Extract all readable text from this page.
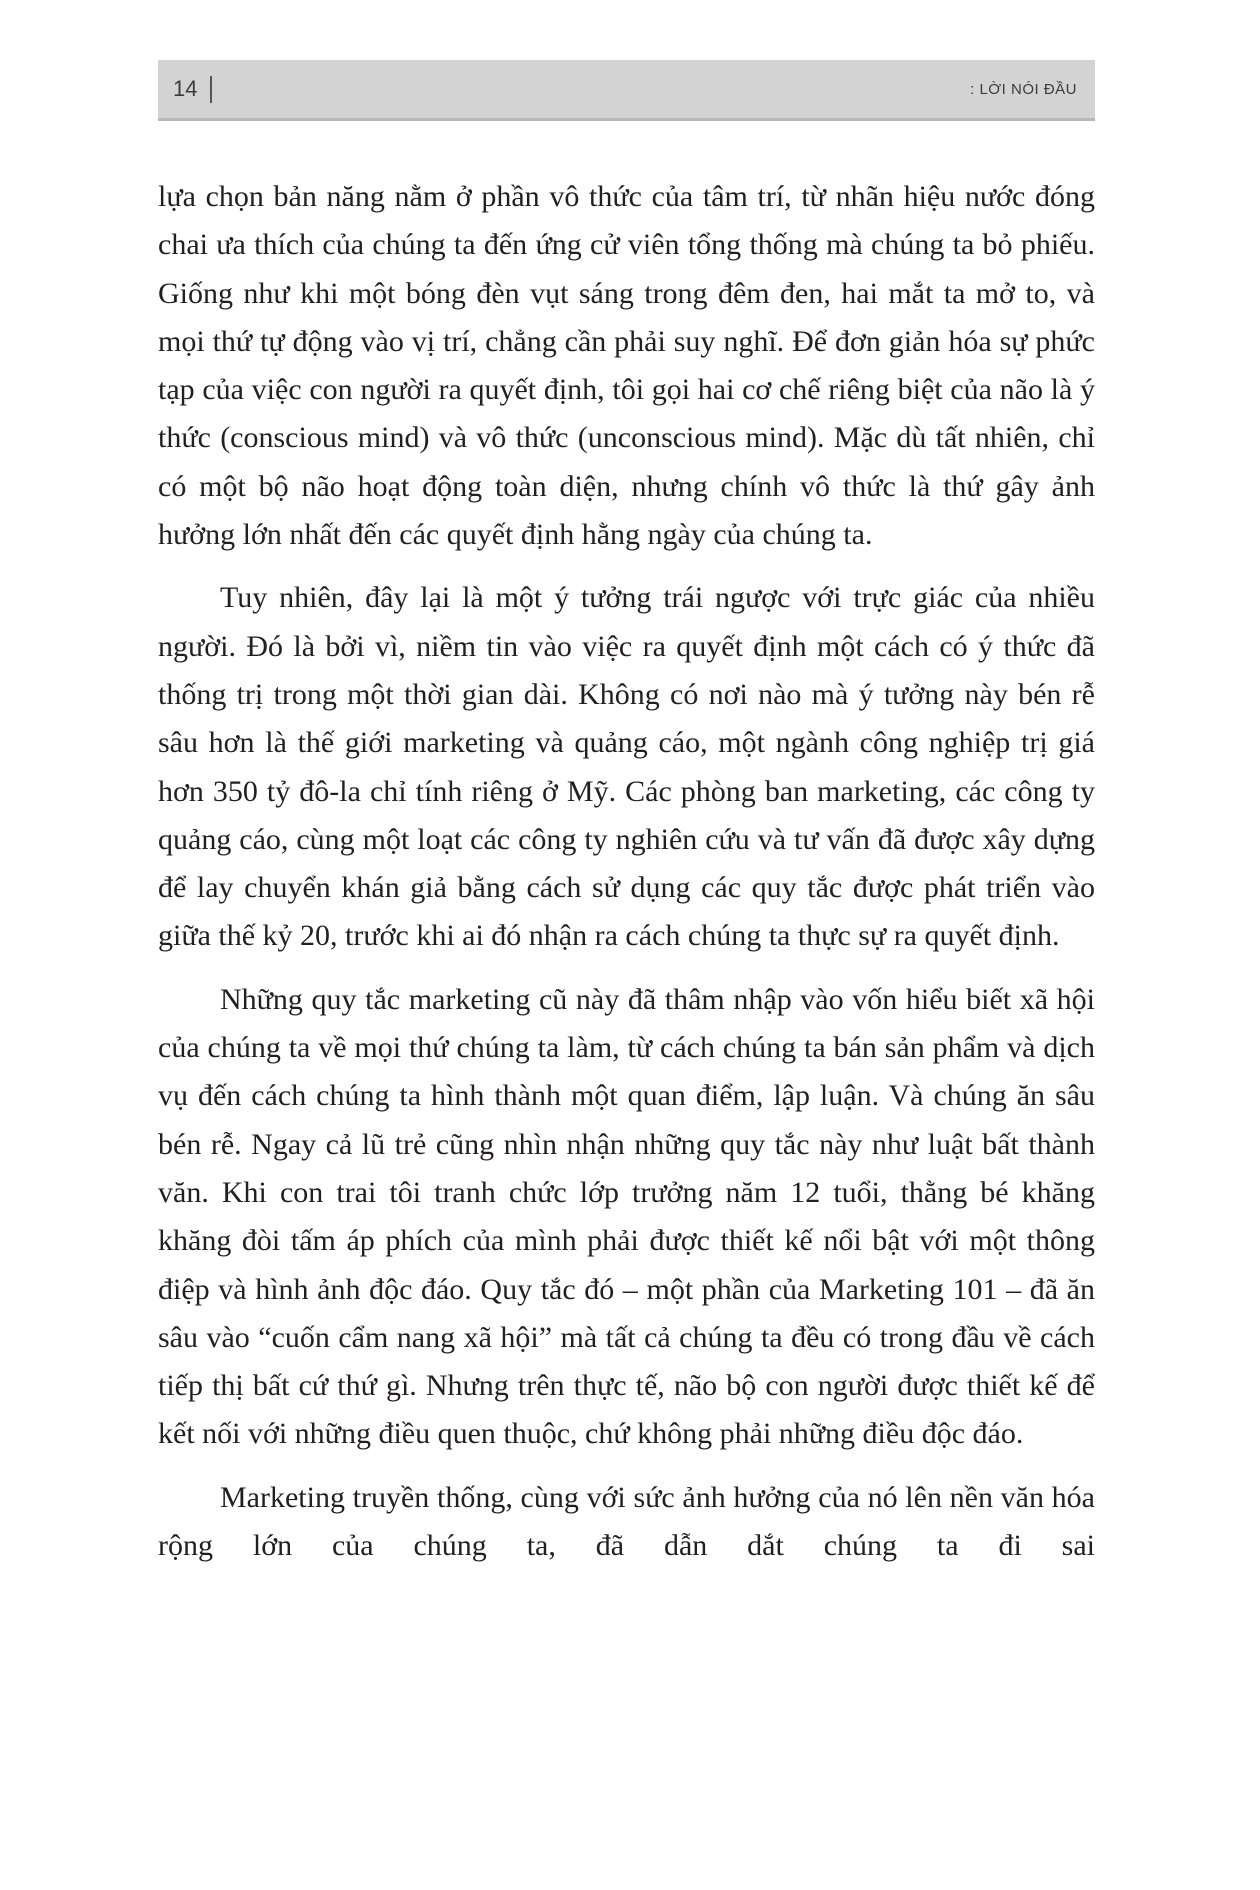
14	: LỜI NÓI ĐẦU

lựa chọn bản năng nằm ở phần vô thức của tâm trí, từ nhãn hiệu nước đóng chai ưa thích của chúng ta đến ứng cử viên tổng thống mà chúng ta bỏ phiếu. Giống như khi một bóng đèn vụt sáng trong đêm đen, hai mắt ta mở to, và mọi thứ tự động vào vị trí, chẳng cần phải suy nghĩ. Để đơn giản hóa sự phức tạp của việc con người ra quyết định, tôi gọi hai cơ chế riêng biệt của não là ý thức (conscious mind) và vô thức (unconscious mind). Mặc dù tất nhiên, chỉ có một bộ não hoạt động toàn diện, nhưng chính vô thức là thứ gây ảnh hưởng lớn nhất đến các quyết định hằng ngày của chúng ta.

Tuy nhiên, đây lại là một ý tưởng trái ngược với trực giác của nhiều người. Đó là bởi vì, niềm tin vào việc ra quyết định một cách có ý thức đã thống trị trong một thời gian dài. Không có nơi nào mà ý tưởng này bén rễ sâu hơn là thế giới marketing và quảng cáo, một ngành công nghiệp trị giá hơn 350 tỷ đô-la chỉ tính riêng ở Mỹ. Các phòng ban marketing, các công ty quảng cáo, cùng một loạt các công ty nghiên cứu và tư vấn đã được xây dựng để lay chuyển khán giả bằng cách sử dụng các quy tắc được phát triển vào giữa thế kỷ 20, trước khi ai đó nhận ra cách chúng ta thực sự ra quyết định.

Những quy tắc marketing cũ này đã thâm nhập vào vốn hiểu biết xã hội của chúng ta về mọi thứ chúng ta làm, từ cách chúng ta bán sản phẩm và dịch vụ đến cách chúng ta hình thành một quan điểm, lập luận. Và chúng ăn sâu bén rễ. Ngay cả lũ trẻ cũng nhìn nhận những quy tắc này như luật bất thành văn. Khi con trai tôi tranh chức lớp trưởng năm 12 tuổi, thằng bé khăng khăng đòi tấm áp phích của mình phải được thiết kế nổi bật với một thông điệp và hình ảnh độc đáo. Quy tắc đó – một phần của Marketing 101 – đã ăn sâu vào “cuốn cẩm nang xã hội” mà tất cả chúng ta đều có trong đầu về cách tiếp thị bất cứ thứ gì. Nhưng trên thực tế, não bộ con người được thiết kế để kết nối với những điều quen thuộc, chứ không phải những điều độc đáo.

Marketing truyền thống, cùng với sức ảnh hưởng của nó lên nền văn hóa rộng lớn của chúng ta, đã dẫn dắt chúng ta đi sai
